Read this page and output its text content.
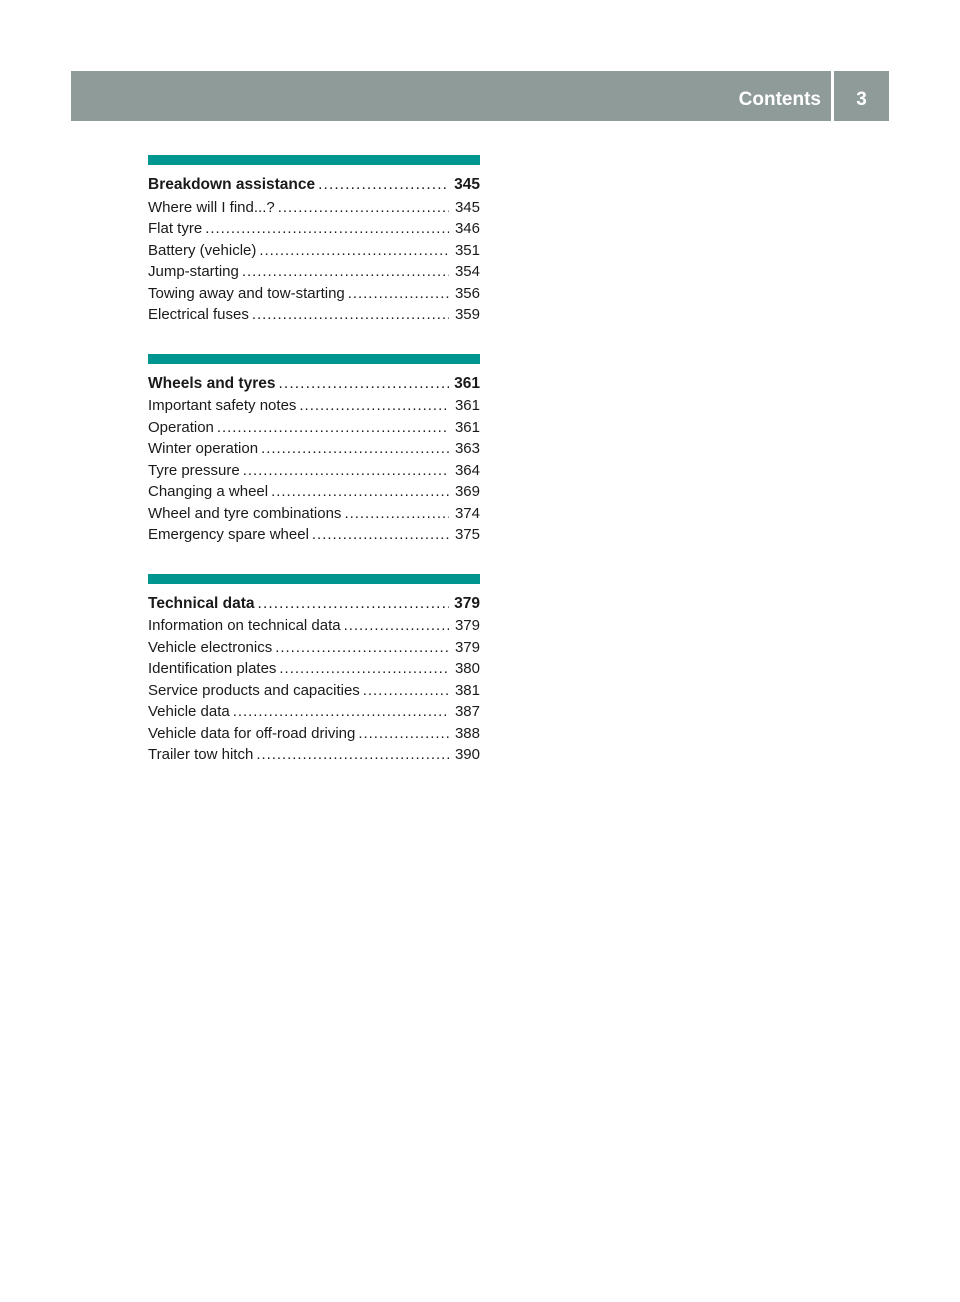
Contents	3
Breakdown assistance . . .	345
Where will I find...? . . .	345
Flat tyre . . .	346
Battery (vehicle) . . .	351
Jump-starting . . .	354
Towing away and tow-starting . . .	356
Electrical fuses . . .	359
Wheels and tyres . . .	361
Important safety notes . . .	361
Operation . . .	361
Winter operation . . .	363
Tyre pressure . . .	364
Changing a wheel . . .	369
Wheel and tyre combinations . . .	374
Emergency spare wheel . . .	375
Technical data . . .	379
Information on technical data . . .	379
Vehicle electronics . . .	379
Identification plates . . .	380
Service products and capacities . . .	381
Vehicle data . . .	387
Vehicle data for off-road driving . . .	388
Trailer tow hitch . . .	390
